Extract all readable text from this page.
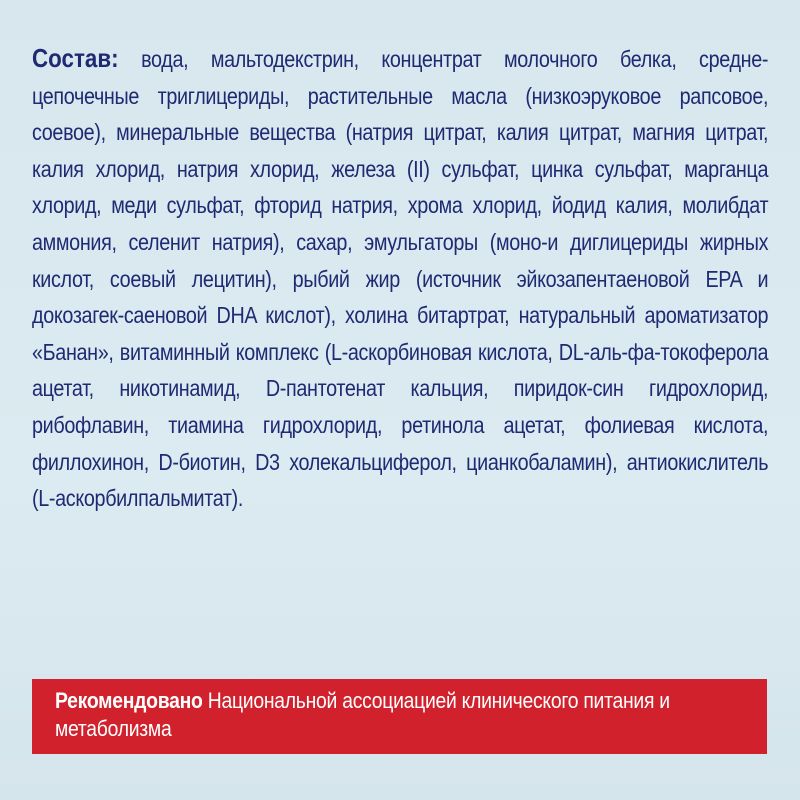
Состав: вода, мальтодекстрин, концентрат молочного белка, средне-цепочечные триглицериды, растительные масла (низкоэруковое рапсовое, соевое), минеральные вещества (натрия цитрат, калия цитрат, магния цитрат, калия хлорид, натрия хлорид, железа (II) сульфат, цинка сульфат, марганца хлорид, меди сульфат, фторид натрия, хрома хлорид, йодид калия, молибдат аммония, селенит натрия), сахар, эмульгаторы (моно-и диглицериды жирных кислот, соевый лецитин), рыбий жир (источник эйкозапентаеновой EPA и докозагек-саеновой DHA кислот), холина битартрат, натуральный ароматизатор «Банан», витаминный комплекс (L-аскорбиновая кислота, DL-аль-фа-токоферола ацетат, никотинамид, D-пантотенат кальция, пиридок-син гидрохлорид, рибофлавин, тиамина гидрохлорид, ретинола ацетат, фолиевая кислота, филлохинон, D-биотин, D3 холекальциферол, цианкобаламин), антиокислитель (L-аскорбилпальмитат).

Рекомендовано Национальной ассоциацией клинического питания и метаболизма
